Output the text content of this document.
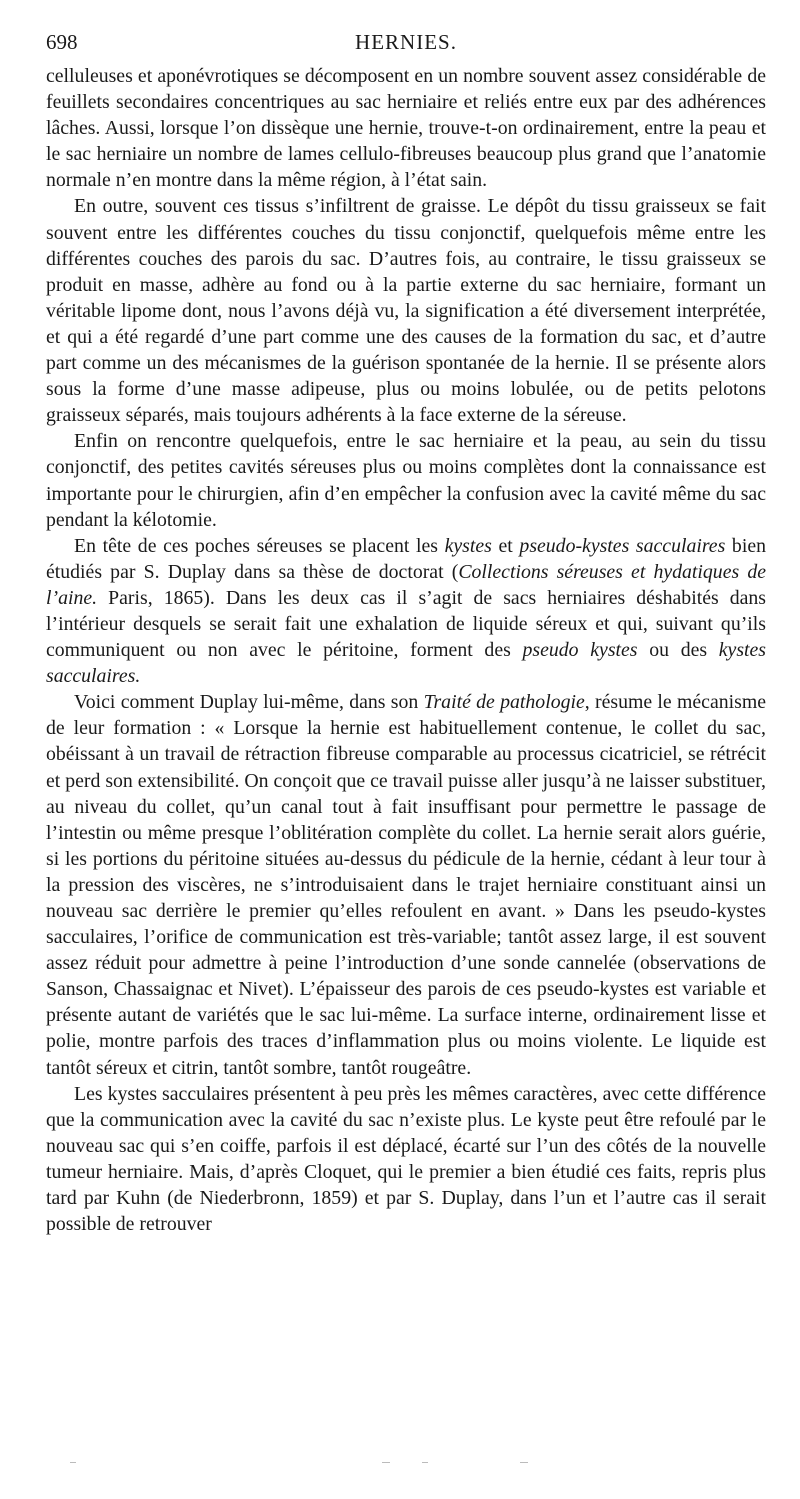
698	HERNIES.

celluleuses et aponévrotiques se décomposent en un nombre souvent assez considérable de feuillets secondaires concentriques au sac herniaire et reliés entre eux par des adhérences lâches. Aussi, lorsque l’on dissèque une hernie, trouve-t-on ordinairement, entre la peau et le sac herniaire un nombre de lames cellulo-fibreuses beaucoup plus grand que l’anatomie normale n’en montre dans la même région, à l’état sain.

En outre, souvent ces tissus s’infiltrent de graisse. Le dépôt du tissu graisseux se fait souvent entre les différentes couches du tissu conjonctif, quelquefois même entre les différentes couches des parois du sac. D’autres fois, au contraire, le tissu graisseux se produit en masse, adhère au fond ou à la partie externe du sac herniaire, formant un véritable lipome dont, nous l’avons déjà vu, la signification a été diversement interprétée, et qui a été regardé d’une part comme une des causes de la formation du sac, et d’autre part comme un des mécanismes de la guérison spontanée de la hernie. Il se présente alors sous la forme d’une masse adipeuse, plus ou moins lobulée, ou de petits pelotons graisseux séparés, mais toujours adhérents à la face externe de la séreuse.

Enfin on rencontre quelquefois, entre le sac herniaire et la peau, au sein du tissu conjonctif, des petites cavités séreuses plus ou moins complètes dont la connaissance est importante pour le chirurgien, afin d’en empêcher la confusion avec la cavité même du sac pendant la kélotomie.

En tête de ces poches séreuses se placent les kystes et pseudo-kystes sacculaires bien étudiés par S. Duplay dans sa thèse de doctorat (Collections séreuses et hydatiques de l’aine. Paris, 1865). Dans les deux cas il s’agit de sacs herniaires déshabités dans l’intérieur desquels se serait fait une exhalation de liquide séreux et qui, suivant qu’ils communiquent ou non avec le péritoine, forment des pseudo kystes ou des kystes sacculaires.

Voici comment Duplay lui-même, dans son Traité de pathologie, résume le mécanisme de leur formation : « Lorsque la hernie est habituellement contenue, le collet du sac, obéissant à un travail de rétraction fibreuse comparable au processus cicatriciel, se rétrécit et perd son extensibilité. On conçoit que ce travail puisse aller jusqu’à ne laisser substituer, au niveau du collet, qu’un canal tout à fait insuffisant pour permettre le passage de l’intestin ou même presque l’oblitération complète du collet. La hernie serait alors guérie, si les portions du péritoine situées au-dessus du pédicule de la hernie, cédant à leur tour à la pression des viscères, ne s’introduisaient dans le trajet herniaire constituant ainsi un nouveau sac derrière le premier qu’elles refoulent en avant. » Dans les pseudo-kystes sacculaires, l’orifice de communication est très-variable; tantôt assez large, il est souvent assez réduit pour admettre à peine l’introduction d’une sonde cannelée (observations de Sanson, Chassaignac et Nivet). L’épaisseur des parois de ces pseudo-kystes est variable et présente autant de variétés que le sac lui-même. La surface interne, ordinairement lisse et polie, montre parfois des traces d’inflammation plus ou moins violente. Le liquide est tantôt séreux et citrin, tantôt sombre, tantôt rougeâtre.

Les kystes sacculaires présentent à peu près les mêmes caractères, avec cette différence que la communication avec la cavité du sac n’existe plus. Le kyste peut être refoulé par le nouveau sac qui s’en coiffe, parfois il est déplacé, écarté sur l’un des côtés de la nouvelle tumeur herniaire. Mais, d’après Cloquet, qui le premier a bien étudié ces faits, repris plus tard par Kuhn (de Niederbronn, 1859) et par S. Duplay, dans l’un et l’autre cas il serait possible de retrouver
